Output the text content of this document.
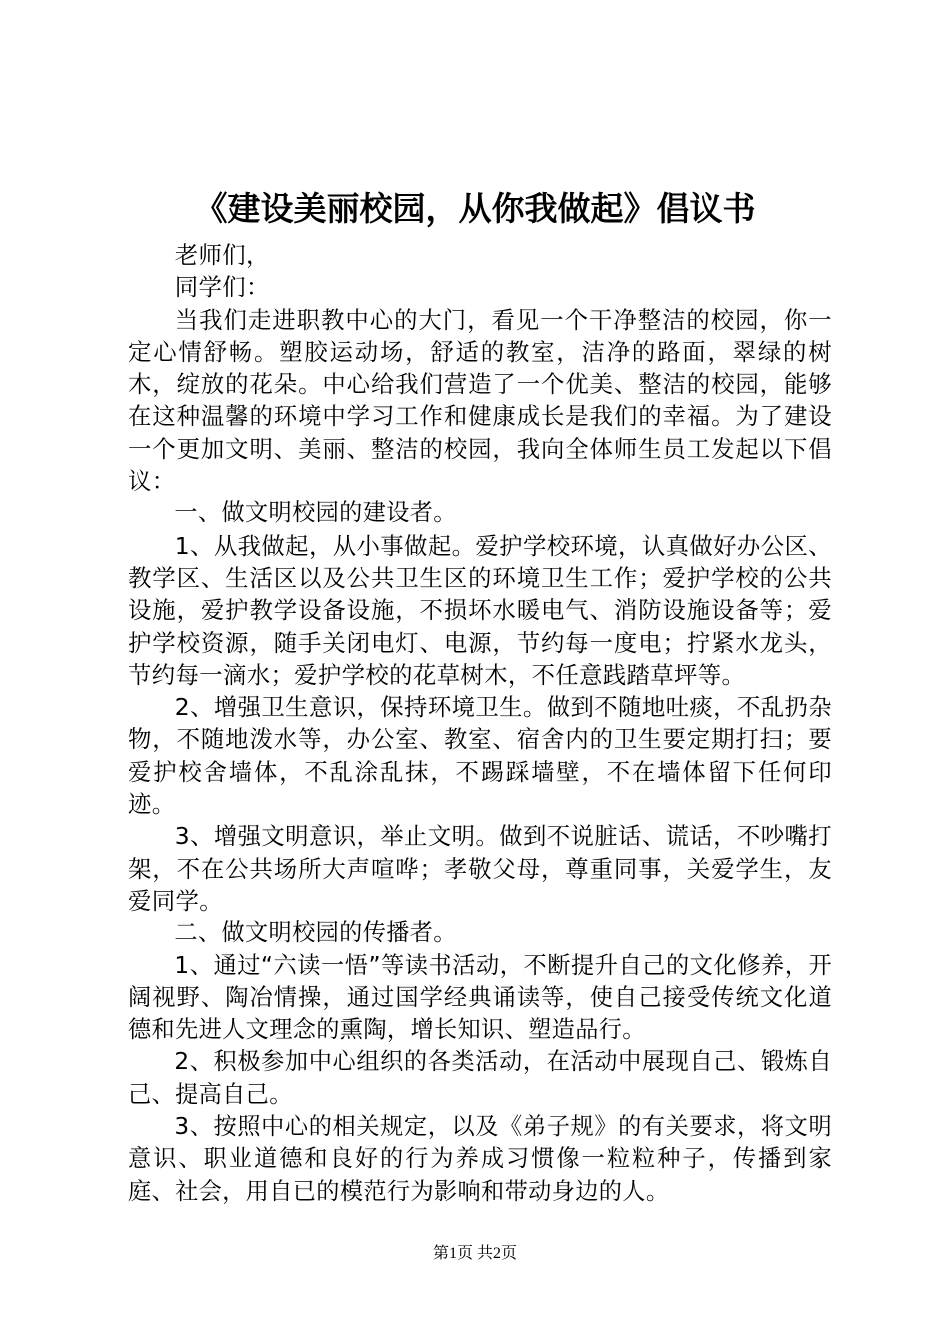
《建设美丽校园，从你我做起》倡议书

老师们，

同学们：

当我们走进职教中心的大门，看见一个干净整洁的校园，你一定心情舒畅。塑胶运动场，舒适的教室，洁净的路面，翠绿的树木，绽放的花朵。中心给我们营造了一个优美、整洁的校园，能够在这种温馨的环境中学习工作和健康成长是我们的幸福。为了建设一个更加文明、美丽、整洁的校园，我向全体师生员工发起以下倡议：

一、做文明校园的建设者。

1、从我做起，从小事做起。爱护学校环境，认真做好办公区、教学区、生活区以及公共卫生区的环境卫生工作；爱护学校的公共设施，爱护教学设备设施，不损坏水暖电气、消防设施设备等；爱护学校资源，随手关闭电灯、电源，节约每一度电；拧紧水龙头，节约每一滴水；爱护学校的花草树木，不任意践踏草坪等。

2、增强卫生意识，保持环境卫生。做到不随地吐痰，不乱扔杂物，不随地泼水等，办公室、教室、宿舍内的卫生要定期打扫；要爱护校舍墙体，不乱涂乱抹，不踢踩墙壁，不在墙体留下任何印迹。

3、增强文明意识，举止文明。做到不说脏话、谎话，不吵嘴打架，不在公共场所大声喧哗；孝敬父母，尊重同事，关爱学生，友爱同学。

二、做文明校园的传播者。

1、通过“六读一悟”等读书活动，不断提升自己的文化修养，开阔视野、陶冶情操，通过国学经典诵读等，使自己接受传统文化道德和先进人文理念的熏陶，增长知识、塑造品行。

2、积极参加中心组织的各类活动，在活动中展现自己、锻炼自己、提高自己。

3、按照中心的相关规定，以及《弟子规》的有关要求，将文明意识、职业道德和良好的行为养成习惯像一粒粒种子，传播到家庭、社会，用自已的模范行为影响和带动身边的人。

第1页 共2页
